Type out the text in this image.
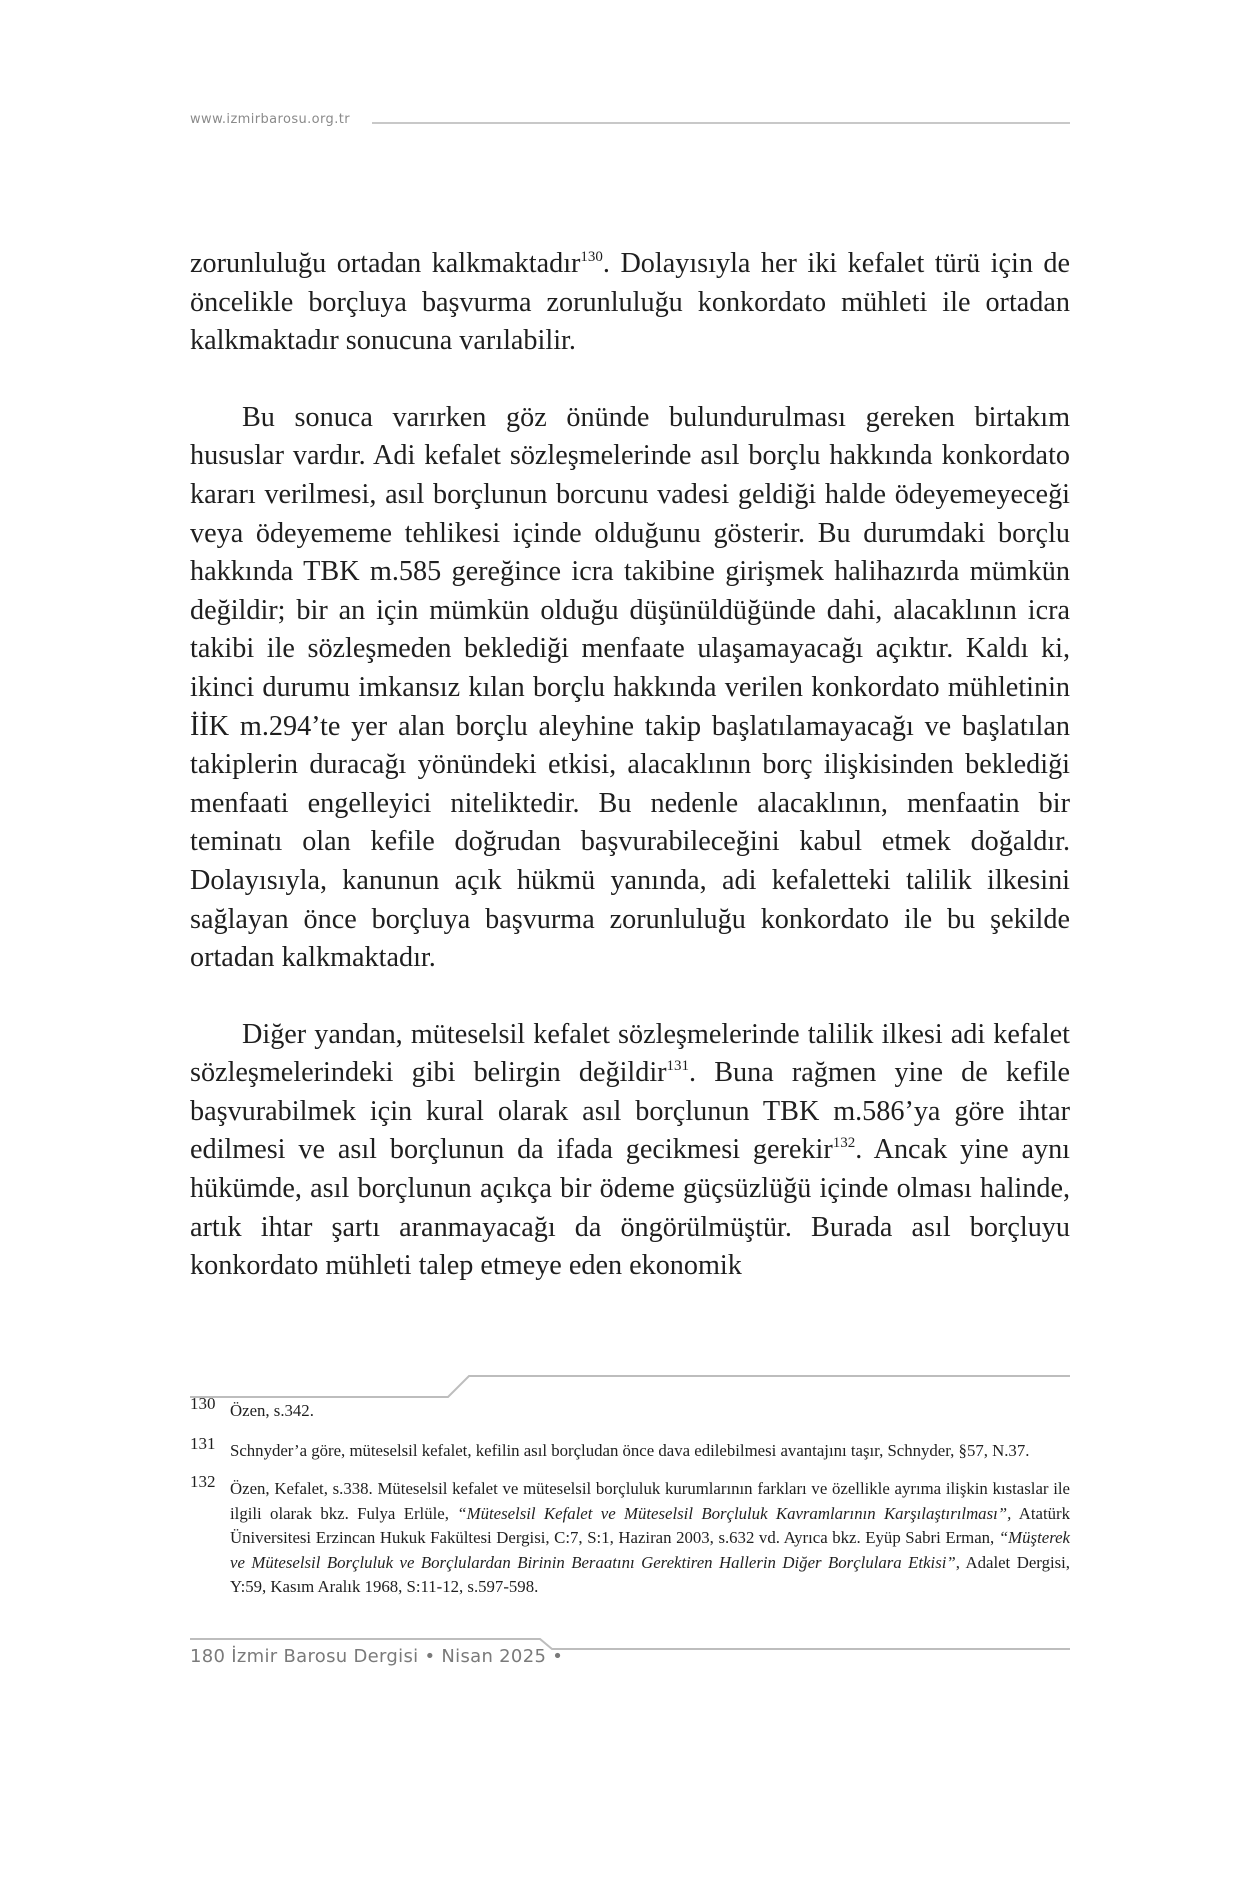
www.izmirbarosu.org.tr

zorunluluğu ortadan kalkmaktadır$^{130}$. Dolayısıyla her iki kefalet türü için de öncelikle borçluya başvurma zorunluluğu konkordato mühleti ile ortadan kalkmaktadır sonucuna varılabilir.

Bu sonuca varırken göz önünde bulundurulması gereken birtakım hususlar vardır. Adi kefalet sözleşmelerinde asıl borçlu hakkında konkordato kararı verilmesi, asıl borçlunun borcunu vadesi geldiği halde ödeyemeyeceği veya ödeyememe tehlikesi içinde olduğunu gösterir. Bu durumdaki borçlu hakkında TBK m.585 gereğince icra takibine girişmek halihazırda mümkün değildir; bir an için mümkün olduğu düşünüldüğünde dahi, alacaklının icra takibi ile sözleşmeden beklediği menfaate ulaşamayacağı açıktır. Kaldı ki, ikinci durumu imkansız kılan borçlu hakkında verilen konkordato mühletinin İİK m.294’te yer alan borçlu aleyhine takip başlatılamayacağı ve başlatılan takiplerin duracağı yönündeki etkisi, alacaklının borç ilişkisinden beklediği menfaati engelleyici niteliktedir. Bu nedenle alacaklının, menfaatin bir teminatı olan kefile doğrudan başvurabileceğini kabul etmek doğaldır. Dolayısıyla, kanunun açık hükmü yanında, adi kefaletteki talilik ilkesini sağlayan önce borçluya başvurma zorunluluğu konkordato ile bu şekilde ortadan kalkmaktadır.

Diğer yandan, müteselsil kefalet sözleşmelerinde talilik ilkesi adi kefalet sözleşmelerindeki gibi belirgin değildir$^{131}$. Buna rağmen yine de kefile başvurabilmek için kural olarak asıl borçlunun TBK m.586’ya göre ihtar edilmesi ve asıl borçlunun da ifada gecikmesi gerekir$^{132}$. Ancak yine aynı hükümde, asıl borçlunun açıkça bir ödeme güçsüzlüğü içinde olması halinde, artık ihtar şartı aranmayacağı da öngörülmüştür. Burada asıl borçluyu konkordato mühleti talep etmeye eden ekonomik

130 Özen, s.342.
131 Schnyder’a göre, müteselsil kefalet, kefilin asıl borçludan önce dava edilebilmesi avantajını taşır, Schnyder, §57, N.37.
132 Özen, Kefalet, s.338. Müteselsil kefalet ve müteselsil borçluluk kurumlarının farkları ve özellikle ayrıma ilişkin kıstaslar ile ilgili olarak bkz. Fulya Erlüle, “Müteselsil Kefalet ve Müteselsil Borçluluk Kavramlarının Karşılaştırılması”, Atatürk Üniversitesi Erzincan Hukuk Fakültesi Dergisi, C:7, S:1, Haziran 2003, s.632 vd. Ayrıca bkz. Eyüp Sabri Erman, “Müşterek ve Müteselsil Borçluluk ve Borçlulardan Birinin Beraatını Gerektiren Hallerin Diğer Borçlulara Etkisi”, Adalet Dergisi, Y:59, Kasım Aralık 1968, S:11-12, s.597-598.
180 İzmir Barosu Dergisi • Nisan 2025 •
